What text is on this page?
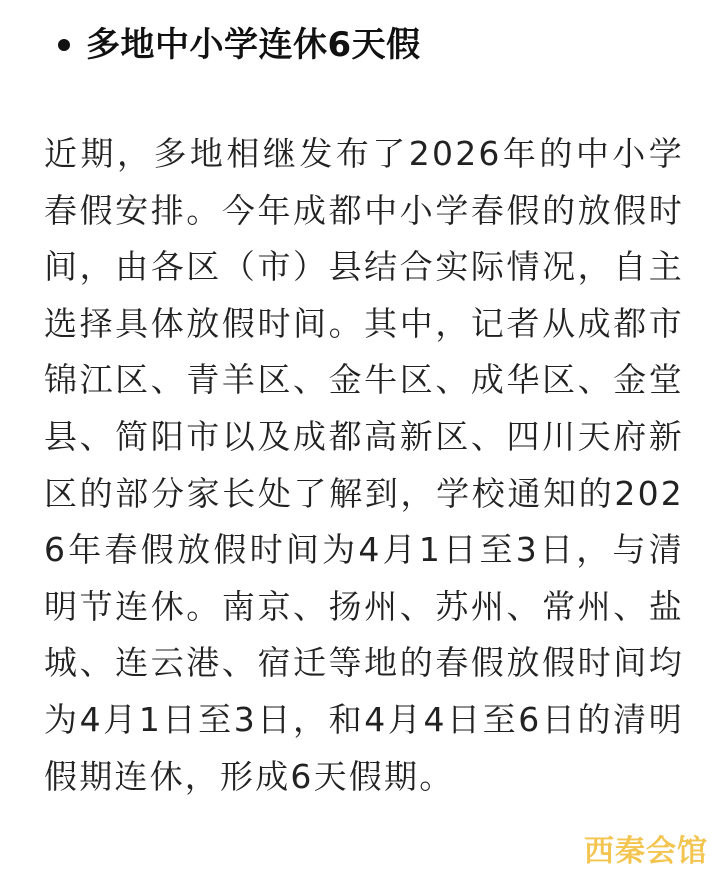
多地中小学连休6天假
近期，多地相继发布了2026年的中小学春假安排。今年成都中小学春假的放假时间，由各区（市）县结合实际情况，自主选择具体放假时间。其中，记者从成都市锦江区、青羊区、金牛区、成华区、金堂县、简阳市以及成都高新区、四川天府新区的部分家长处了解到，学校通知的2026年春假放假时间为4月1日至3日，与清明节连休。南京、扬州、苏州、常州、盐城、连云港、宿迁等地的春假放假时间均为4月1日至3日，和4月4日至6日的清明假期连休，形成6天假期。
西秦会馆
